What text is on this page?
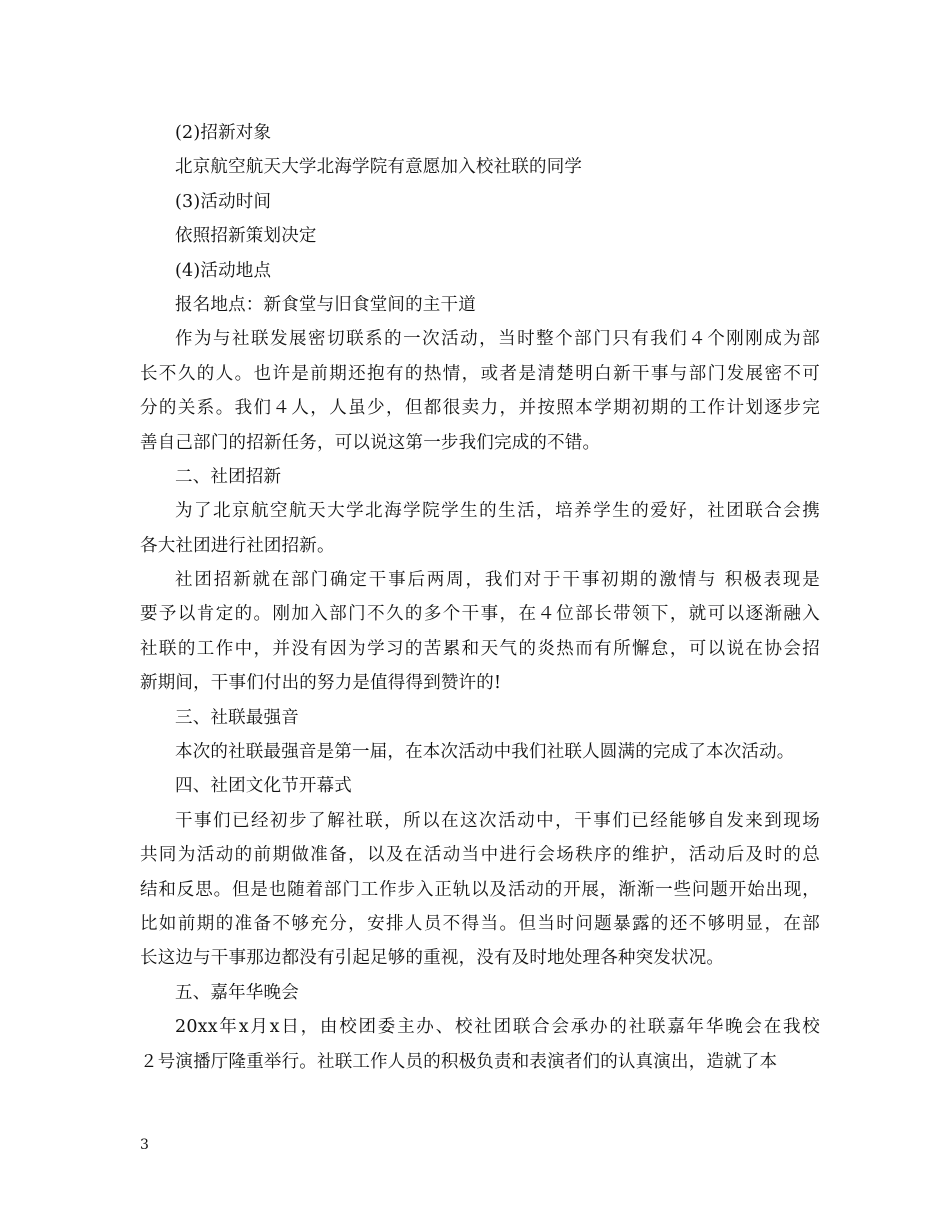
(2)招新对象
北京航空航天大学北海学院有意愿加入校社联的同学
(3)活动时间
依照招新策划决定
(4)活动地点
报名地点：新食堂与旧食堂间的主干道
作为与社联发展密切联系的一次活动，当时整个部门只有我们４个刚刚成为部
长不久的人。也许是前期还抱有的热情，或者是清楚明白新干事与部门发展密不可
分的关系。我们４人，人虽少，但都很卖力，并按照本学期初期的工作计划逐步完
善自己部门的招新任务，可以说这第一步我们完成的不错。
二、社团招新
为了北京航空航天大学北海学院学生的生活，培养学生的爱好，社团联合会携
各大社团进行社团招新。
社团招新就在部门确定干事后两周，我们对于干事初期的激情与 积极表现是
要予以肯定的。刚加入部门不久的多个干事，在４位部长带领下，就可以逐渐融入
社联的工作中，并没有因为学习的苦累和天气的炎热而有所懈怠，可以说在协会招
新期间，干事们付出的努力是值得得到赞许的!
三、社联最强音
本次的社联最强音是第一届，在本次活动中我们社联人圆满的完成了本次活动。
四、社团文化节开幕式
干事们已经初步了解社联，所以在这次活动中，干事们已经能够自发来到现场
共同为活动的前期做准备，以及在活动当中进行会场秩序的维护，活动后及时的总
结和反思。但是也随着部门工作步入正轨以及活动的开展，渐渐一些问题开始出现，
比如前期的准备不够充分，安排人员不得当。但当时问题暴露的还不够明显，在部
长这边与干事那边都没有引起足够的重视，没有及时地处理各种突发状况。
五、嘉年华晚会
20xx年x月x日，由校团委主办、校社团联合会承办的社联嘉年华晚会在我校
２号演播厅隆重举行。社联工作人员的积极负责和表演者们的认真演出，造就了本
3
